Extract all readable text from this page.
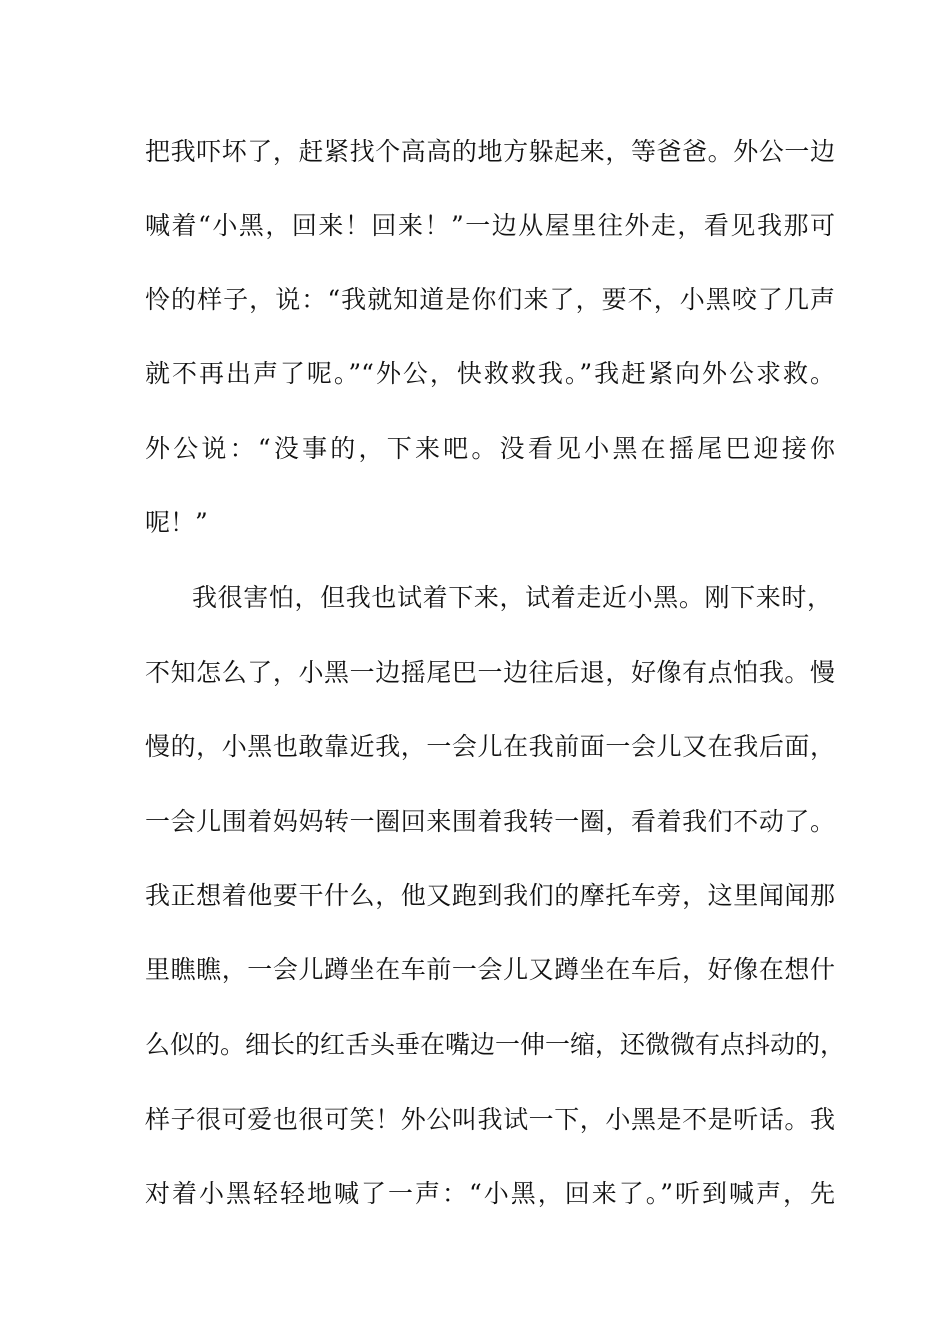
把我吓坏了，赶紧找个高高的地方躲起来，等爸爸。外公一边
喊着“小黑，回来！回来！”一边从屋里往外走，看见我那可
怜的样子，说：“我就知道是你们来了，要不，小黑咬了几声
就不再出声了呢。”“外公，快救救我。”我赶紧向外公求救。
外公说：“没事的，下来吧。没看见小黑在摇尾巴迎接你
呢！”
我很害怕，但我也试着下来，试着走近小黑。刚下来时，
不知怎么了，小黑一边摇尾巴一边往后退，好像有点怕我。慢
慢的，小黑也敢靠近我，一会儿在我前面一会儿又在我后面，
一会儿围着妈妈转一圈回来围着我转一圈，看着我们不动了。
我正想着他要干什么，他又跑到我们的摩托车旁，这里闻闻那
里瞧瞧，一会儿蹲坐在车前一会儿又蹲坐在车后，好像在想什
么似的。细长的红舌头垂在嘴边一伸一缩，还微微有点抖动的，
样子很可爱也很可笑！外公叫我试一下，小黑是不是听话。我
对着小黑轻轻地喊了一声：“小黑，回来了。”听到喊声，先
